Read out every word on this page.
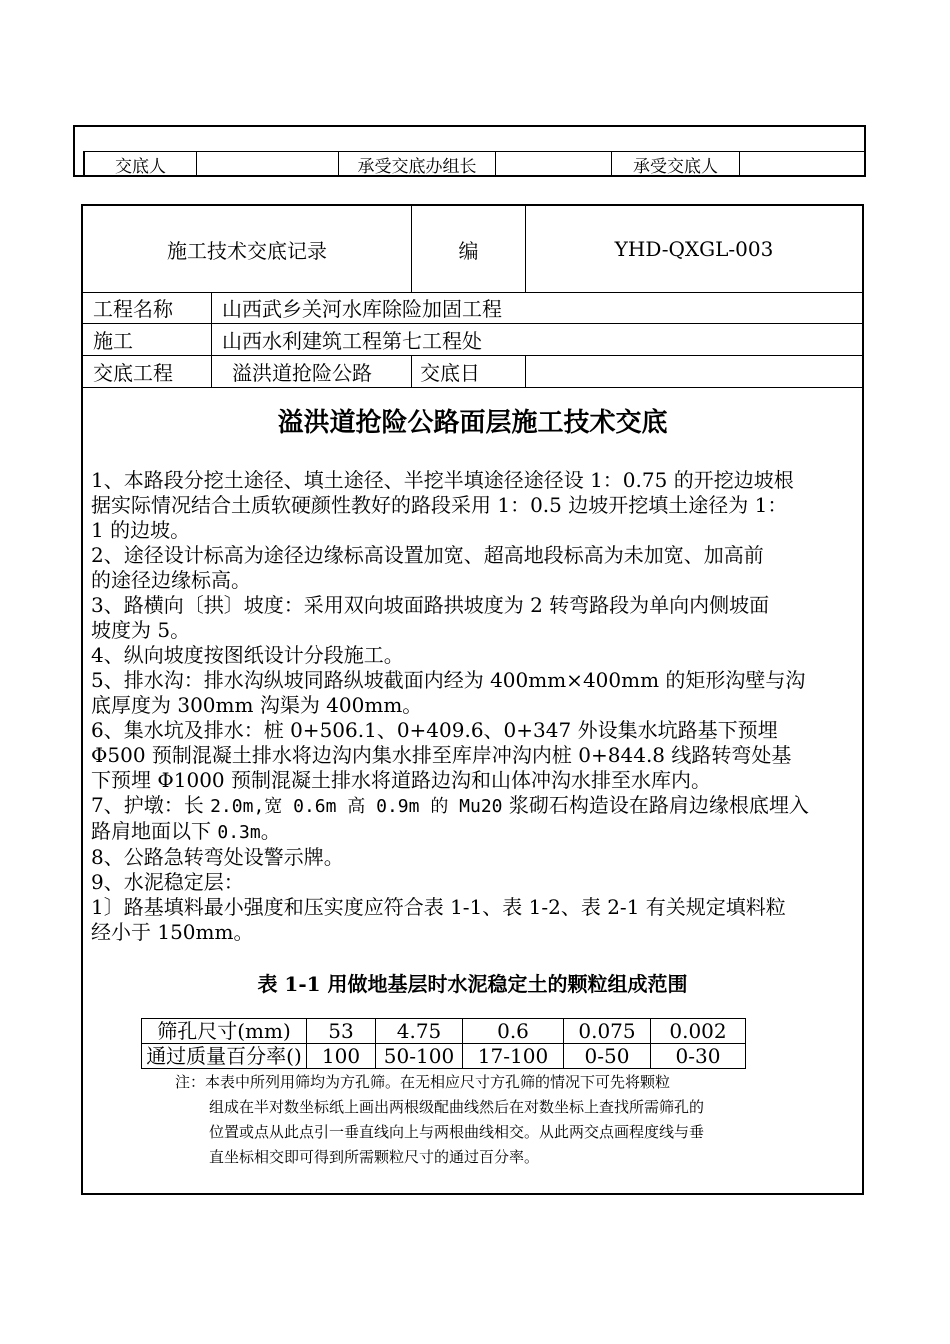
交底人	承受交底办组长	承受交底人
施工技术交底记录	编	YHD-QXGL-003
工程名称	山西武乡关河水库除险加固工程
施工	山西水利建筑工程第七工程处
交底工程	溢洪道抢险公路	交底日
溢洪道抢险公路面层施工技术交底

1、本路段分挖土途径、填土途径、半挖半填途径途径设 1：0.75 的开挖边坡根

据实际情况结合土质软硬颜性教好的路段采用 1：0.5 边坡开挖填土途径为 1：

1 的边坡。

2、途径设计标高为途径边缘标高设置加宽、超高地段标高为未加宽、加高前

的途径边缘标高。

3、路横向〔拱〕坡度：采用双向坡面路拱坡度为 2 转弯路段为单向内侧坡面

坡度为 5。

4、纵向坡度按图纸设计分段施工。

5、排水沟：排水沟纵坡同路纵坡截面内经为 400mm×400mm 的矩形沟壁与沟

底厚度为 300mm 沟渠为 400mm。

6、集水坑及排水：桩 0+506.1、0+409.6、0+347 外设集水坑路基下预埋

Φ500 预制混凝土排水将边沟内集水排至库岸冲沟内桩 0+844.8 线路转弯处基

下预埋 Φ1000 预制混凝土排水将道路边沟和山体冲沟水排至水库内。

7、护墩：长 2.0m,宽 0.6m 高 0.9m 的 Mu20 浆砌石构造设在路肩边缘根底埋入

路肩地面以下 0.3m。

8、公路急转弯处设警示牌。

9、水泥稳定层：

1〕路基填料最小强度和压实度应符合表 1-1、表 1-2、表 2-1 有关规定填料粒

经小于 150mm。

表 1-1 用做地基层时水泥稳定土的颗粒组成范围
筛孔尺寸(mm)	53	4.75	0.6	0.075	0.002
通过质量百分率()	100	50-100	17-100	0-50	0-30

注：本表中所列用筛均为方孔筛。在无相应尺寸方孔筛的情况下可先将颗粒

组成在半对数坐标纸上画出两根级配曲线然后在对数坐标上查找所需筛孔的

位置或点从此点引一垂直线向上与两根曲线相交。从此两交点画程度线与垂

直坐标相交即可得到所需颗粒尺寸的通过百分率。
